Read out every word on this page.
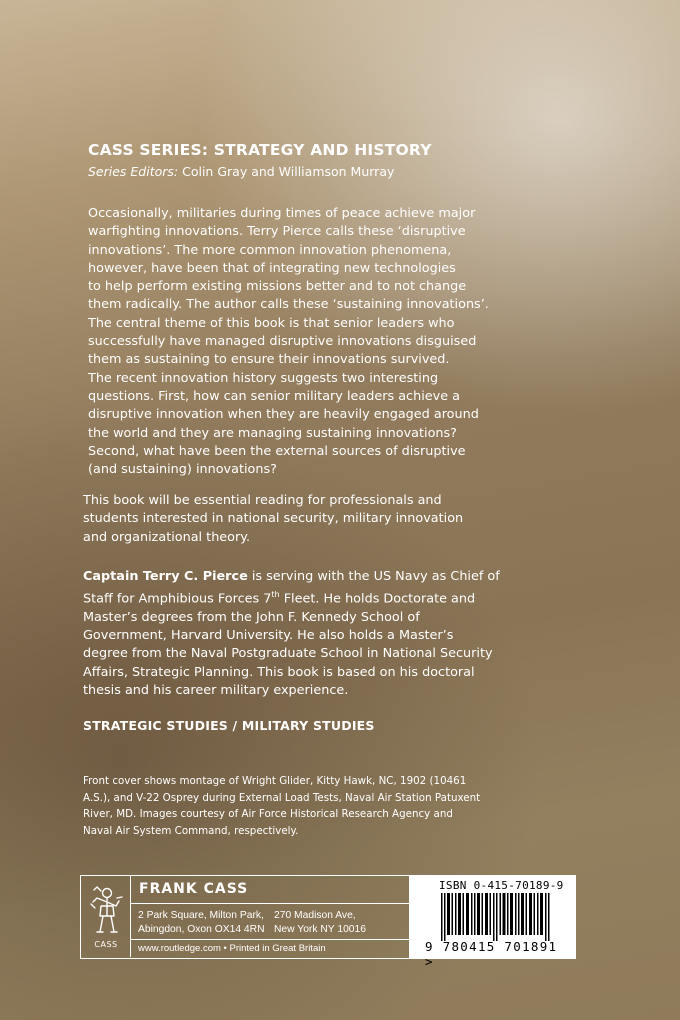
CASS SERIES: STRATEGY AND HISTORY
Series Editors: Colin Gray and Williamson Murray
Occasionally, militaries during times of peace achieve major
warfighting innovations. Terry Pierce calls these ‘disruptive
innovations’. The more common innovation phenomena,
however, have been that of integrating new technologies
to help perform existing missions better and to not change
them radically. The author calls these ‘sustaining innovations’.
The central theme of this book is that senior leaders who
successfully have managed disruptive innovations disguised
them as sustaining to ensure their innovations survived.
The recent innovation history suggests two interesting
questions. First, how can senior military leaders achieve a
disruptive innovation when they are heavily engaged around
the world and they are managing sustaining innovations?
Second, what have been the external sources of disruptive
(and sustaining) innovations?
This book will be essential reading for professionals and
students interested in national security, military innovation
and organizational theory.
Captain Terry C. Pierce is serving with the US Navy as Chief of
Staff for Amphibious Forces 7th Fleet. He holds Doctorate and
Master’s degrees from the John F. Kennedy School of
Government, Harvard University. He also holds a Master’s
degree from the Naval Postgraduate School in National Security
Affairs, Strategic Planning. This book is based on his doctoral
thesis and his career military experience.
STRATEGIC STUDIES / MILITARY STUDIES
Front cover shows montage of Wright Glider, Kitty Hawk, NC, 1902 (10461
A.S.), and V-22 Osprey during External Load Tests, Naval Air Station Patuxent
River, MD. Images courtesy of Air Force Historical Research Agency and
Naval Air System Command, respectively.
CASS
FRANK CASS
2 Park Square, Milton Park,
Abingdon, Oxon OX14 4RN
270 Madison Ave,
New York NY 10016
www.routledge.com • Printed in Great Britain
ISBN 0-415-70189-9
9 780415 701891 >
